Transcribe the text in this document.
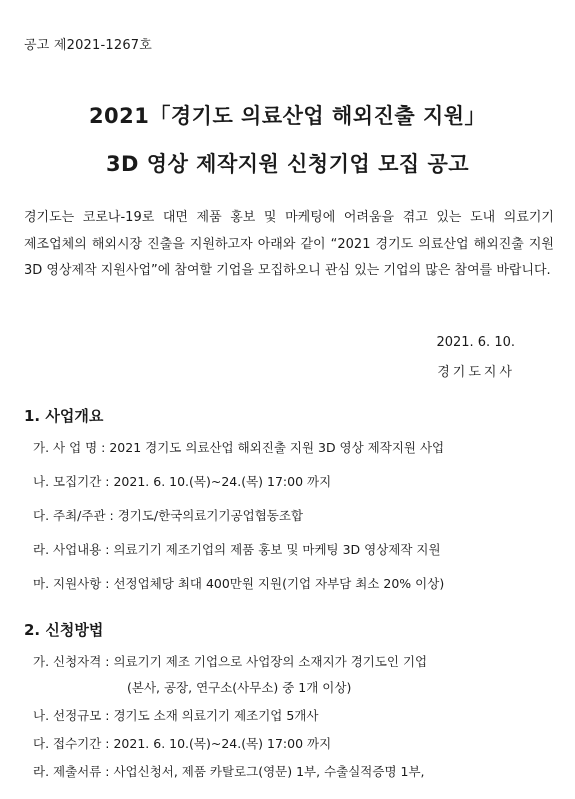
공고 제2021-1267호
2021「경기도 의료산업 해외진출 지원」
3D 영상 제작지원 신청기업 모집 공고

경기도는 코로나-19로 대면 제품 홍보 및 마케팅에 어려움을 겪고 있는 도내 의료기기 제조업체의 해외시장 진출을 지원하고자 아래와 같이 “2021 경기도 의료산업 해외진출 지원 3D 영상제작 지원사업”에 참여할 기업을 모집하오니 관심 있는 기업의 많은 참여를 바랍니다.

2021. 6. 10.
경기도지사
1. 사업개요
가. 사 업 명 : 2021 경기도 의료산업 해외진출 지원 3D 영상 제작지원 사업
나. 모집기간 : 2021. 6. 10.(목)~24.(목) 17:00 까지
다. 주최/주관 : 경기도/한국의료기기공업협동조합
라. 사업내용 : 의료기기 제조기업의 제품 홍보 및 마케팅 3D 영상제작 지원
마. 지원사항 : 선정업체당 최대 400만원 지원(기업 자부담 최소 20% 이상)
2. 신청방법
가. 신청자격 : 의료기기 제조 기업으로 사업장의 소재지가 경기도인 기업
(본사, 공장, 연구소(사무소) 중 1개 이상)
나. 선정규모 : 경기도 소재 의료기기 제조기업 5개사
다. 접수기간 : 2021. 6. 10.(목)~24.(목) 17:00 까지
라. 제출서류 : 사업신청서, 제품 카탈로그(영문) 1부, 수출실적증명 1부,
